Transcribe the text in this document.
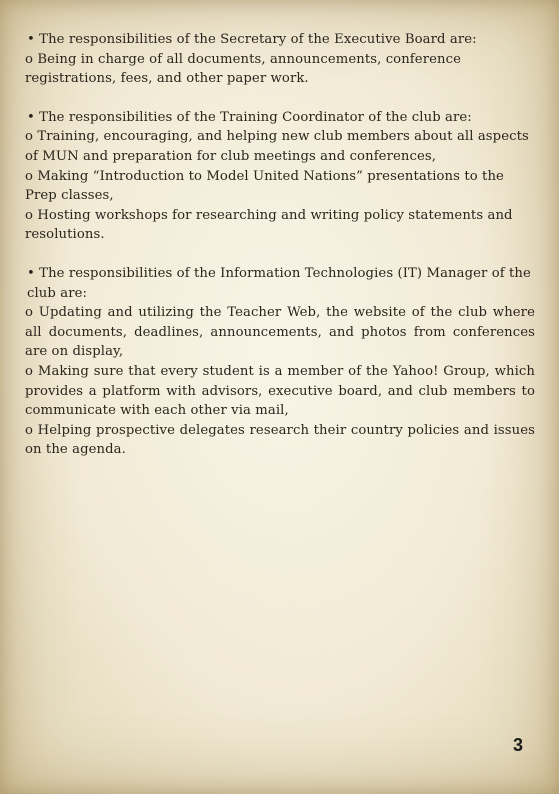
• The responsibilities of the Secretary of the Executive Board are:

o Being in charge of all documents, announcements, conference registrations, fees, and other paper work.

• The responsibilities of the Training Coordinator of the club are:

o Training, encouraging, and helping new club members about all aspects of MUN and preparation for club meetings and conferences,

o Making “Introduction to Model United Nations” presentations to the Prep classes,

o Hosting workshops for researching and writing policy statements and resolutions.

• The responsibilities of the Information Technologies (IT) Manager of the club are:

o Updating and utilizing the Teacher Web, the website of the club where all documents, deadlines, announcements, and photos from conferences are on display,

o Making sure that every student is a member of the Yahoo! Group, which provides a platform with advisors, executive board, and club members to communicate with each other via mail,

o Helping prospective delegates research their country policies and issues on the agenda.

3
